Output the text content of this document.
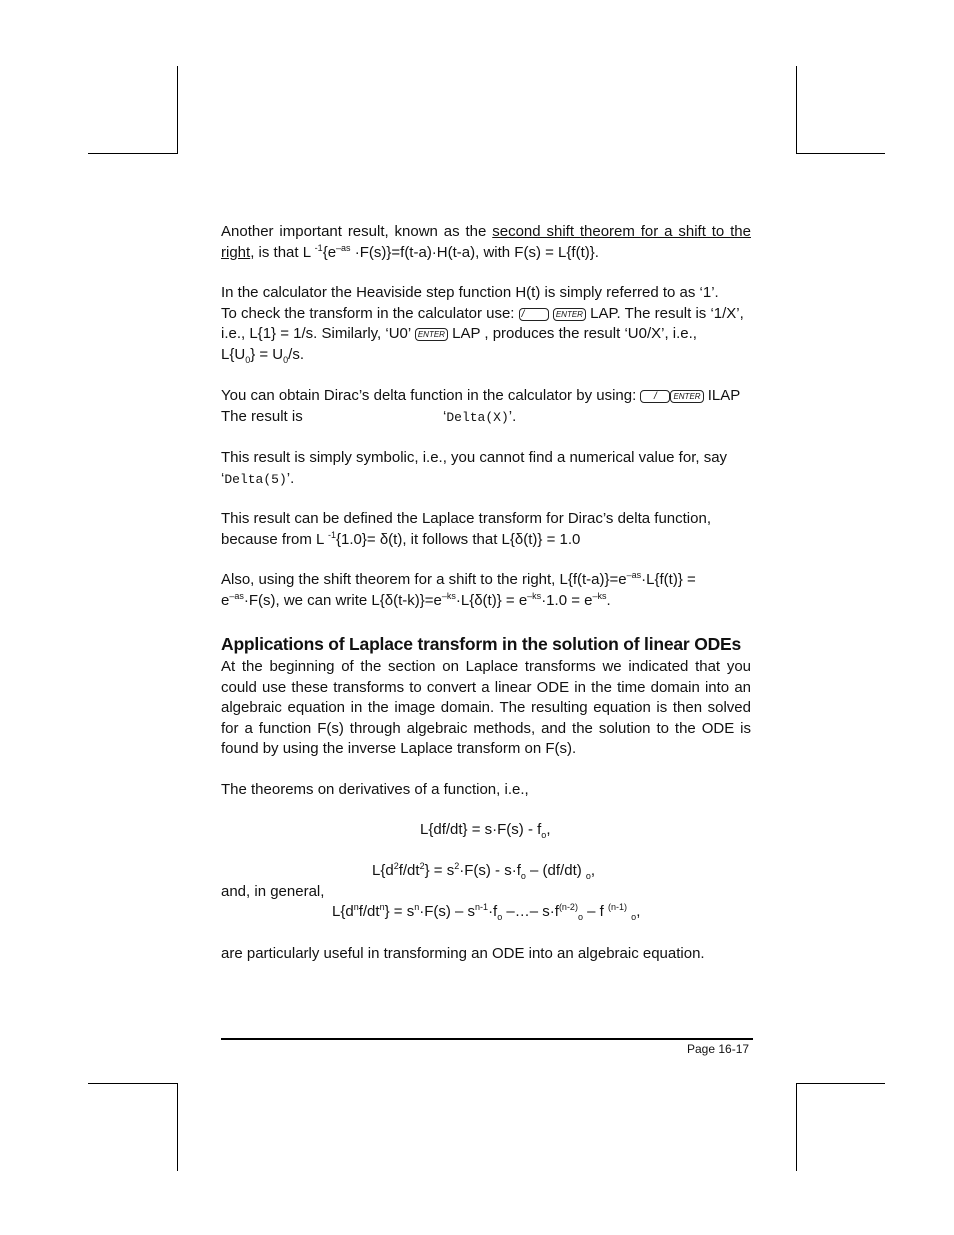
Another important result, known as the second shift theorem for a shift to the right, is that L $^{-1}\{e^{-as} \cdot F(s)\}=f(t-a)\cdot H(t-a)$, with F(s) = L{f(t)}.
In the calculator the Heaviside step function H(t) is simply referred to as ‘1’.
To check the transform in the calculator use: /	ENTER LAP. The result is ‘1/X’,
i.e., L{1} = 1/s. Similarly, ‘U0’ ENTER LAP , produces the result ‘U0/X’, i.e.,
$L\{U_0\} = U_0/s$.
You can obtain Dirac’s delta function in the calculator by using: / ENTER ILAP
The result is	‘Delta(X)’.
This result is simply symbolic, i.e., you cannot find a numerical value for, say
‘Delta(5)’.
This result can be defined the Laplace transform for Dirac’s delta function,
because from L $^{-1}${1.0}= δ(t), it follows that L{δ(t)} = 1.0
Also, using the shift theorem for a shift to the right, $L\{f(t-a)\}=e^{-as}\cdot L\{f(t)\}$ =
$e^{-as}\cdot F(s)$, we can write $L\{\delta(t-k)\}=e^{-ks}\cdot L\{\delta(t)\} = e^{-ks}\cdot 1.0 = e^{-ks}$.
Applications of Laplace transform in the solution of linear ODEs
At the beginning of the section on Laplace transforms we indicated that you could use these transforms to convert a linear ODE in the time domain into an algebraic equation in the image domain. The resulting equation is then solved for a function F(s) through algebraic methods, and the solution to the ODE is found by using the inverse Laplace transform on F(s).
The theorems on derivatives of a function, i.e.,
$L\{df/dt\} = s\cdot F(s) - f_o$,
$L\{d^2f/dt^2\} = s^2\cdot F(s) - s\cdot f_o - (df/dt)$ $_o$,
and, in general,
$L\{d^nf/dt^n\} = s^n\cdot F(s) - s^{n-1}\cdot f_o$ –…– $s\cdot f^{(n-2)}_o - f$ $^{(n-1)}$ $_o$,
are particularly useful in transforming an ODE into an algebraic equation.
Page 16-17
